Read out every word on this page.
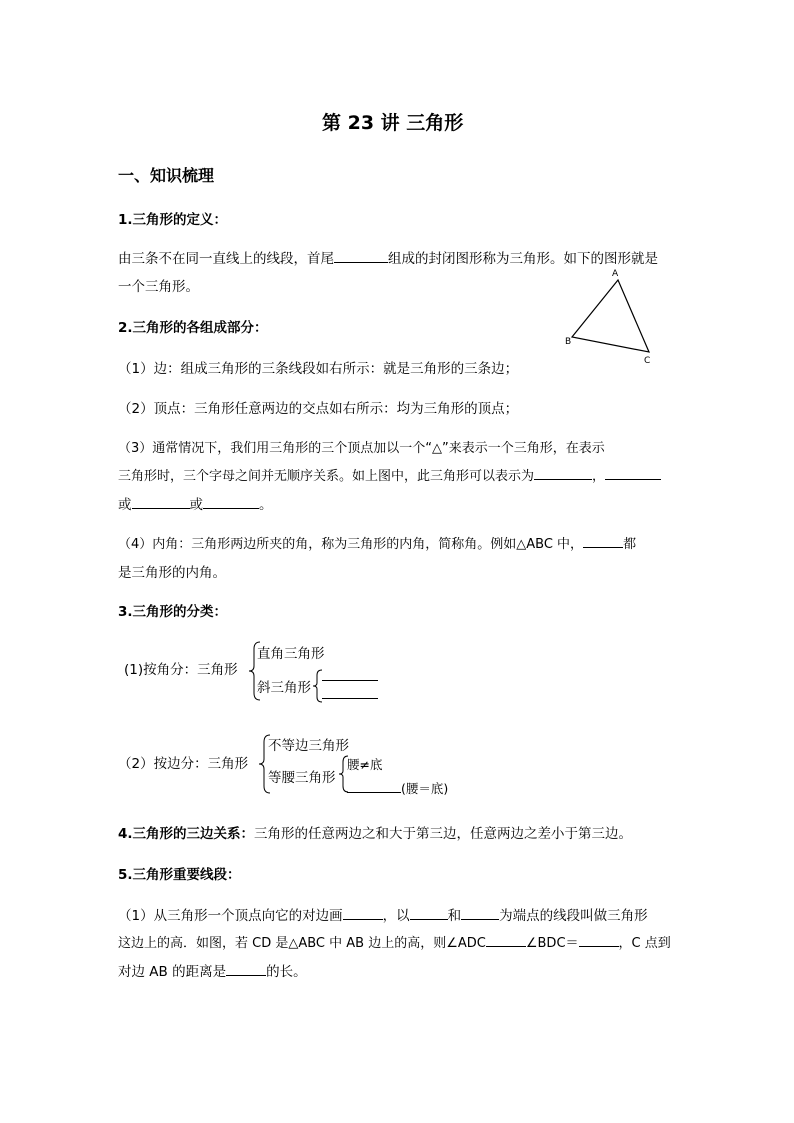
第 23 讲 三角形
一、知识梳理
1.三角形的定义：
由三条不在同一直线上的线段，首尾	组成的封闭图形称为三角形。如下的图形就是
一个三角形。
A
B
C
2.三角形的各组成部分：
（1）边：组成三角形的三条线段如右所示：就是三角形的三条边；
（2）顶点：三角形任意两边的交点如右所示：均为三角形的顶点；
（3）通常情况下，我们用三角形的三个顶点加以一个“△”来表示一个三角形，在表示
三角形时，三个字母之间并无顺序关系。如上图中，此三角形可以表示为	，
或	或	。
（4）内角：三角形两边所夹的角，称为三角形的内角，简称角。例如△ABC 中，	都
是三角形的内角。
3.三角形的分类：
(1)按角分：三角形
直角三角形
斜三角形
（2）按边分：三角形
不等边三角形
等腰三角形
腰≠底
(腰＝底)
4.三角形的三边关系：三角形的任意两边之和大于第三边，任意两边之差小于第三边。
5.三角形重要线段：
（1）从三角形一个顶点向它的对边画	，以	和	为端点的线段叫做三角形
这边上的高．如图，若 CD 是△ABC 中 AB 边上的高，则∠ADC	∠BDC＝	，C 点到
对边 AB 的距离是	的长。
